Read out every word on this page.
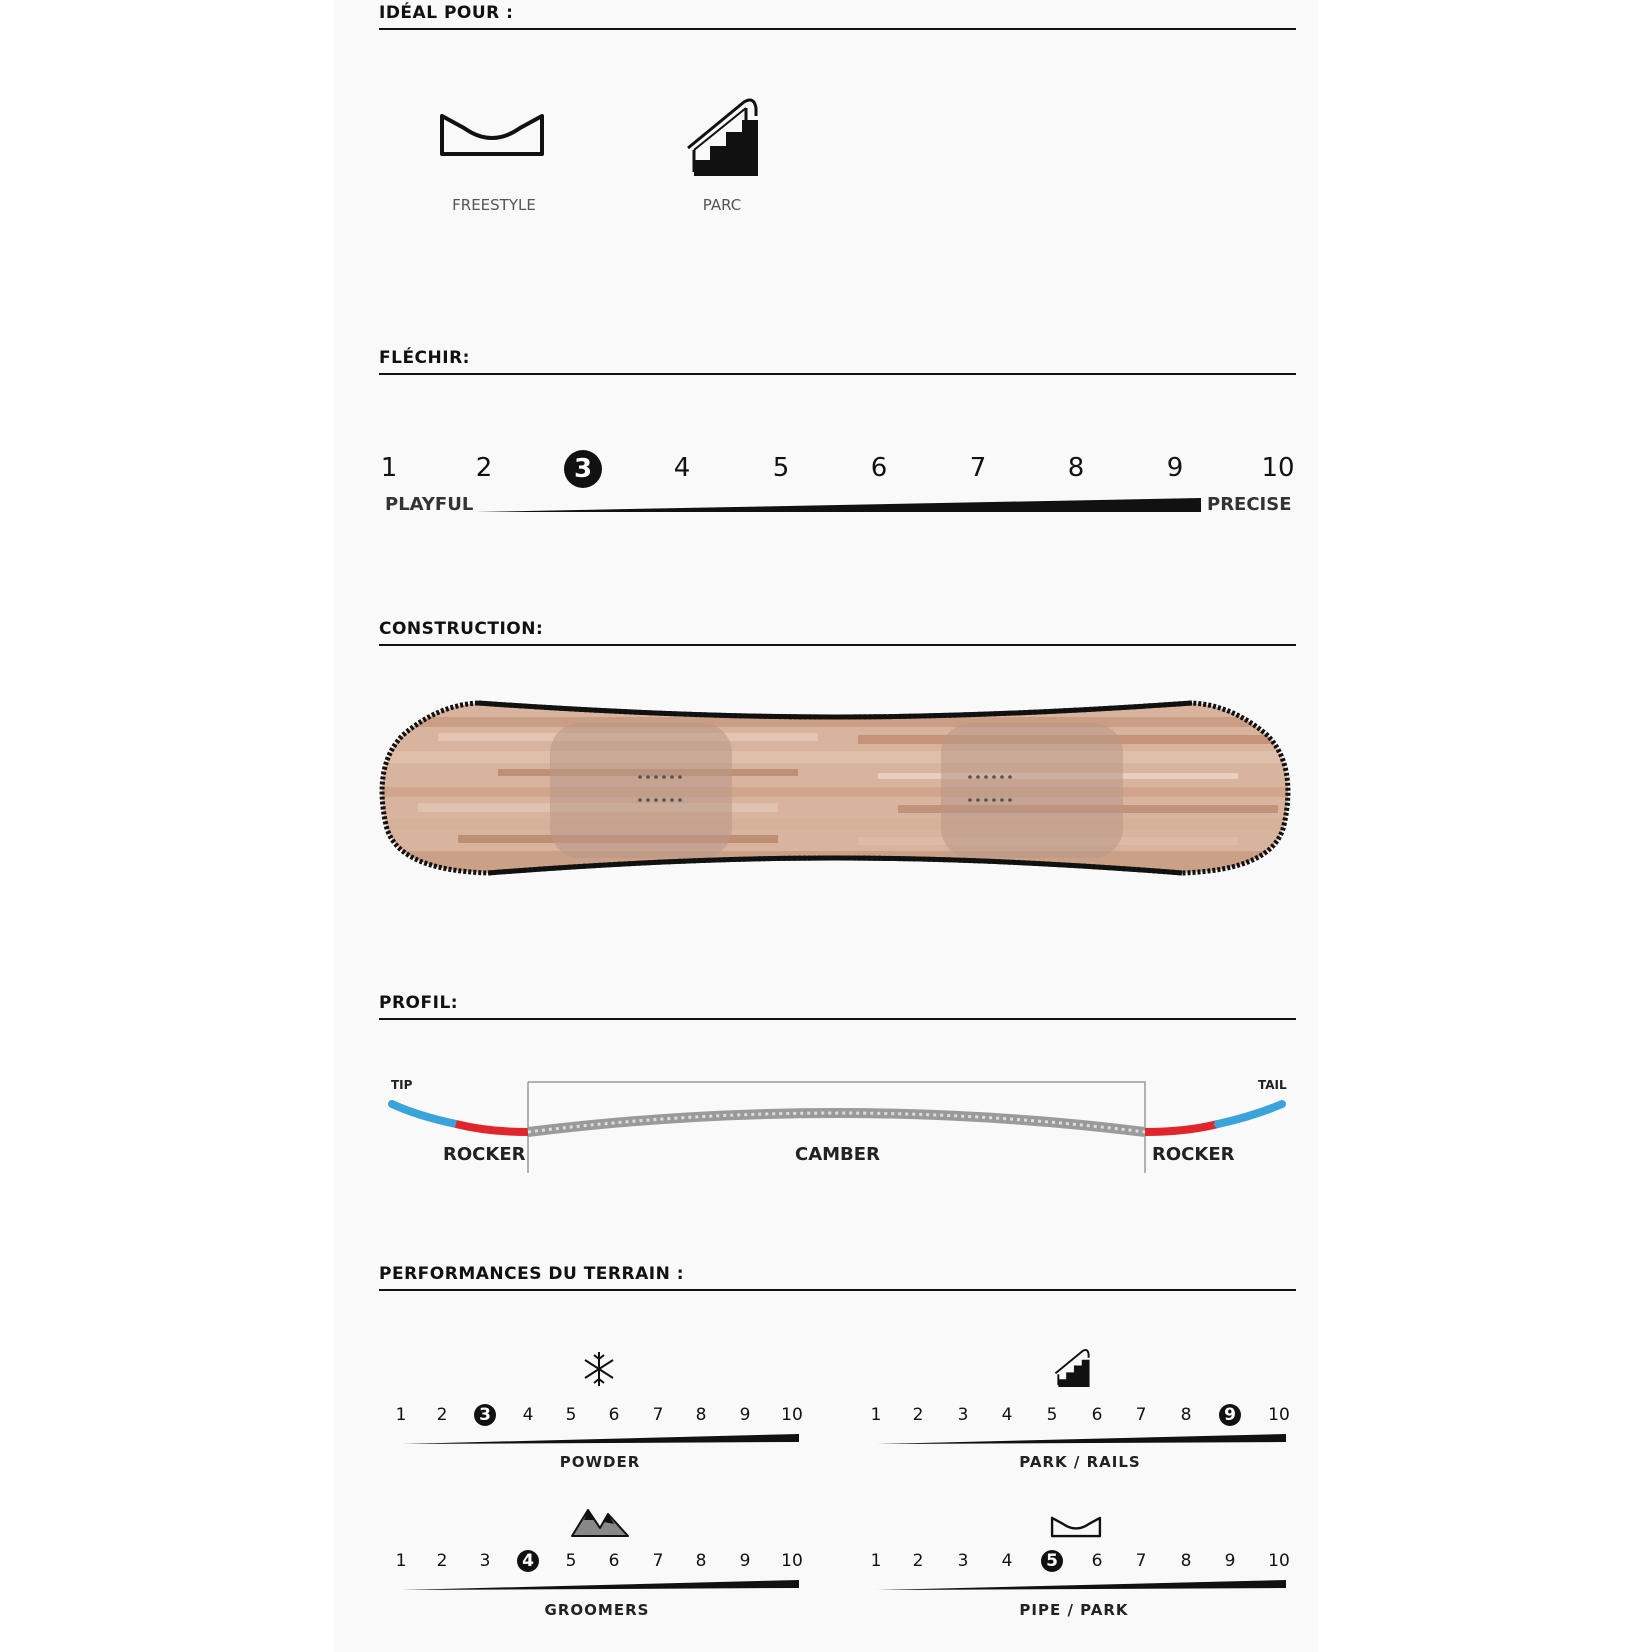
IDÉAL POUR :
FREESTYLE	PARC
FLÉCHIR:
1	2	3	4	5	6	7	8	9	10
PLAYFUL	PRECISE
CONSTRUCTION:
PROFIL:
TIP	TAIL
ROCKER	CAMBER	ROCKER
PERFORMANCES DU TERRAIN :
1	2	3	4	5	6	7	8	9	10
POWDER
1	2	3	4	5	6	7	8	9 10
PARK / RAILS
1	2	3	4	5	6	7	8	9	10
GROOMERS
1	2	3	4	5	6	7	8	9	10
PIPE / PARK
